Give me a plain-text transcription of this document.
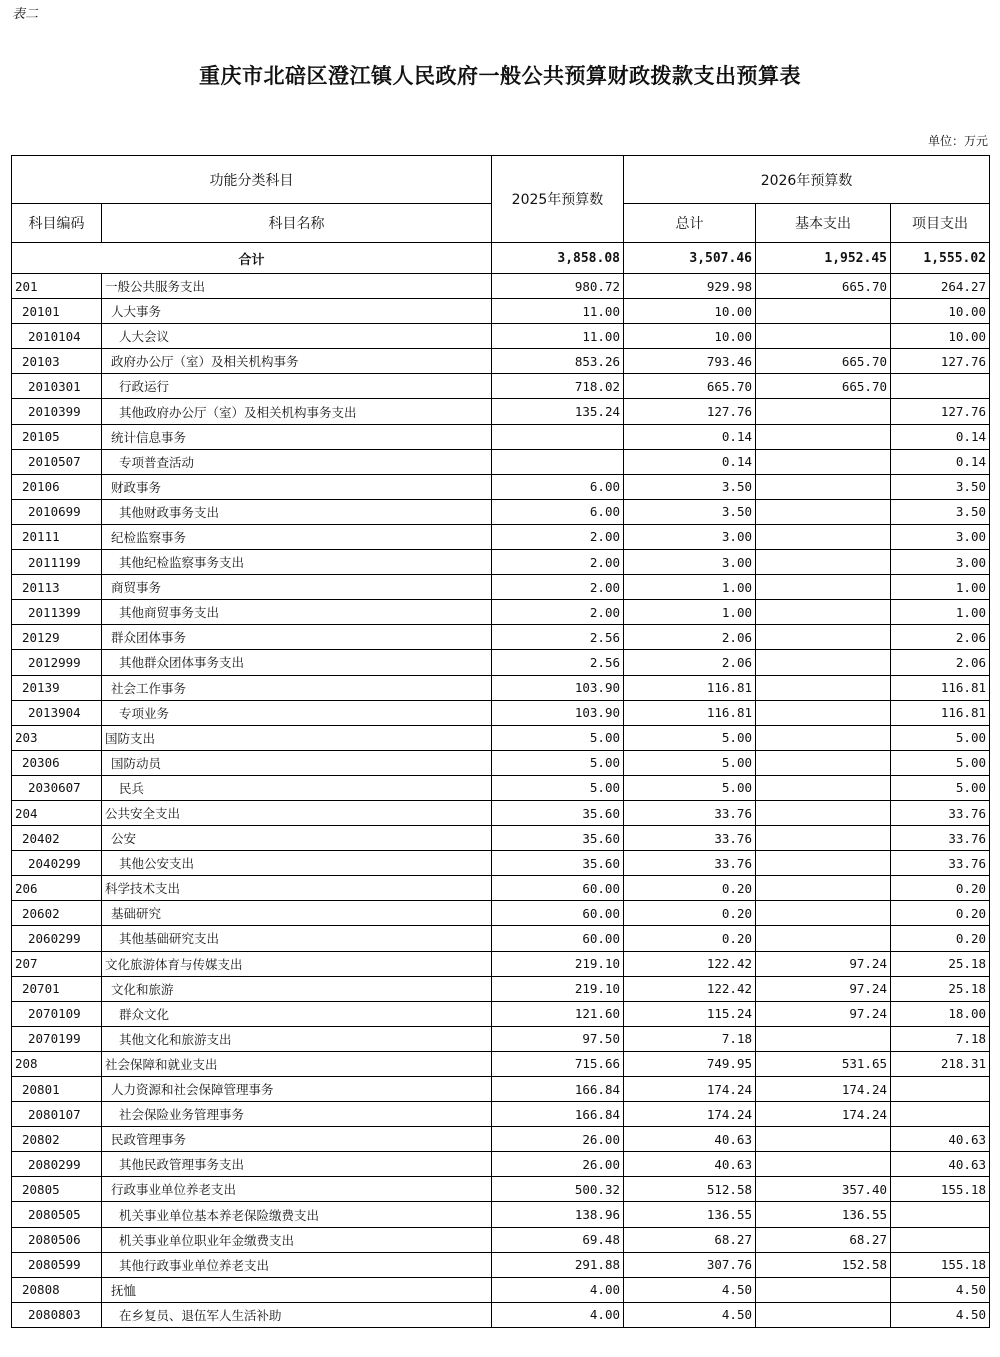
表二
重庆市北碚区澄江镇人民政府一般公共预算财政拨款支出预算表
单位：万元
功能分类科目		2025年预算数	2026年预算数		
科目编码	科目名称		总计	基本支出	项目支出
合计		3,858.08	3,507.46	1,952.45	1,555.02
201	一般公共服务支出	980.72	929.98	665.70	264.27
20101	人大事务	11.00	10.00		10.00
2010104	人大会议	11.00	10.00		10.00
20103	政府办公厅（室）及相关机构事务	853.26	793.46	665.70	127.76
2010301	行政运行	718.02	665.70	665.70	
2010399	其他政府办公厅（室）及相关机构事务支出	135.24	127.76		127.76
20105	统计信息事务		0.14		0.14
2010507	专项普查活动		0.14		0.14
20106	财政事务	6.00	3.50		3.50
2010699	其他财政事务支出	6.00	3.50		3.50
20111	纪检监察事务	2.00	3.00		3.00
2011199	其他纪检监察事务支出	2.00	3.00		3.00
20113	商贸事务	2.00	1.00		1.00
2011399	其他商贸事务支出	2.00	1.00		1.00
20129	群众团体事务	2.56	2.06		2.06
2012999	其他群众团体事务支出	2.56	2.06		2.06
20139	社会工作事务	103.90	116.81		116.81
2013904	专项业务	103.90	116.81		116.81
203	国防支出	5.00	5.00		5.00
20306	国防动员	5.00	5.00		5.00
2030607	民兵	5.00	5.00		5.00
204	公共安全支出	35.60	33.76		33.76
20402	公安	35.60	33.76		33.76
2040299	其他公安支出	35.60	33.76		33.76
206	科学技术支出	60.00	0.20		0.20
20602	基础研究	60.00	0.20		0.20
2060299	其他基础研究支出	60.00	0.20		0.20
207	文化旅游体育与传媒支出	219.10	122.42	97.24	25.18
20701	文化和旅游	219.10	122.42	97.24	25.18
2070109	群众文化	121.60	115.24	97.24	18.00
2070199	其他文化和旅游支出	97.50	7.18		7.18
208	社会保障和就业支出	715.66	749.95	531.65	218.31
20801	人力资源和社会保障管理事务	166.84	174.24	174.24	
2080107	社会保险业务管理事务	166.84	174.24	174.24	
20802	民政管理事务	26.00	40.63		40.63
2080299	其他民政管理事务支出	26.00	40.63		40.63
20805	行政事业单位养老支出	500.32	512.58	357.40	155.18
2080505	机关事业单位基本养老保险缴费支出	138.96	136.55	136.55	
2080506	机关事业单位职业年金缴费支出	69.48	68.27	68.27	
2080599	其他行政事业单位养老支出	291.88	307.76	152.58	155.18
20808	抚恤	4.00	4.50		4.50
2080803	在乡复员、退伍军人生活补助	4.00	4.50		4.50
